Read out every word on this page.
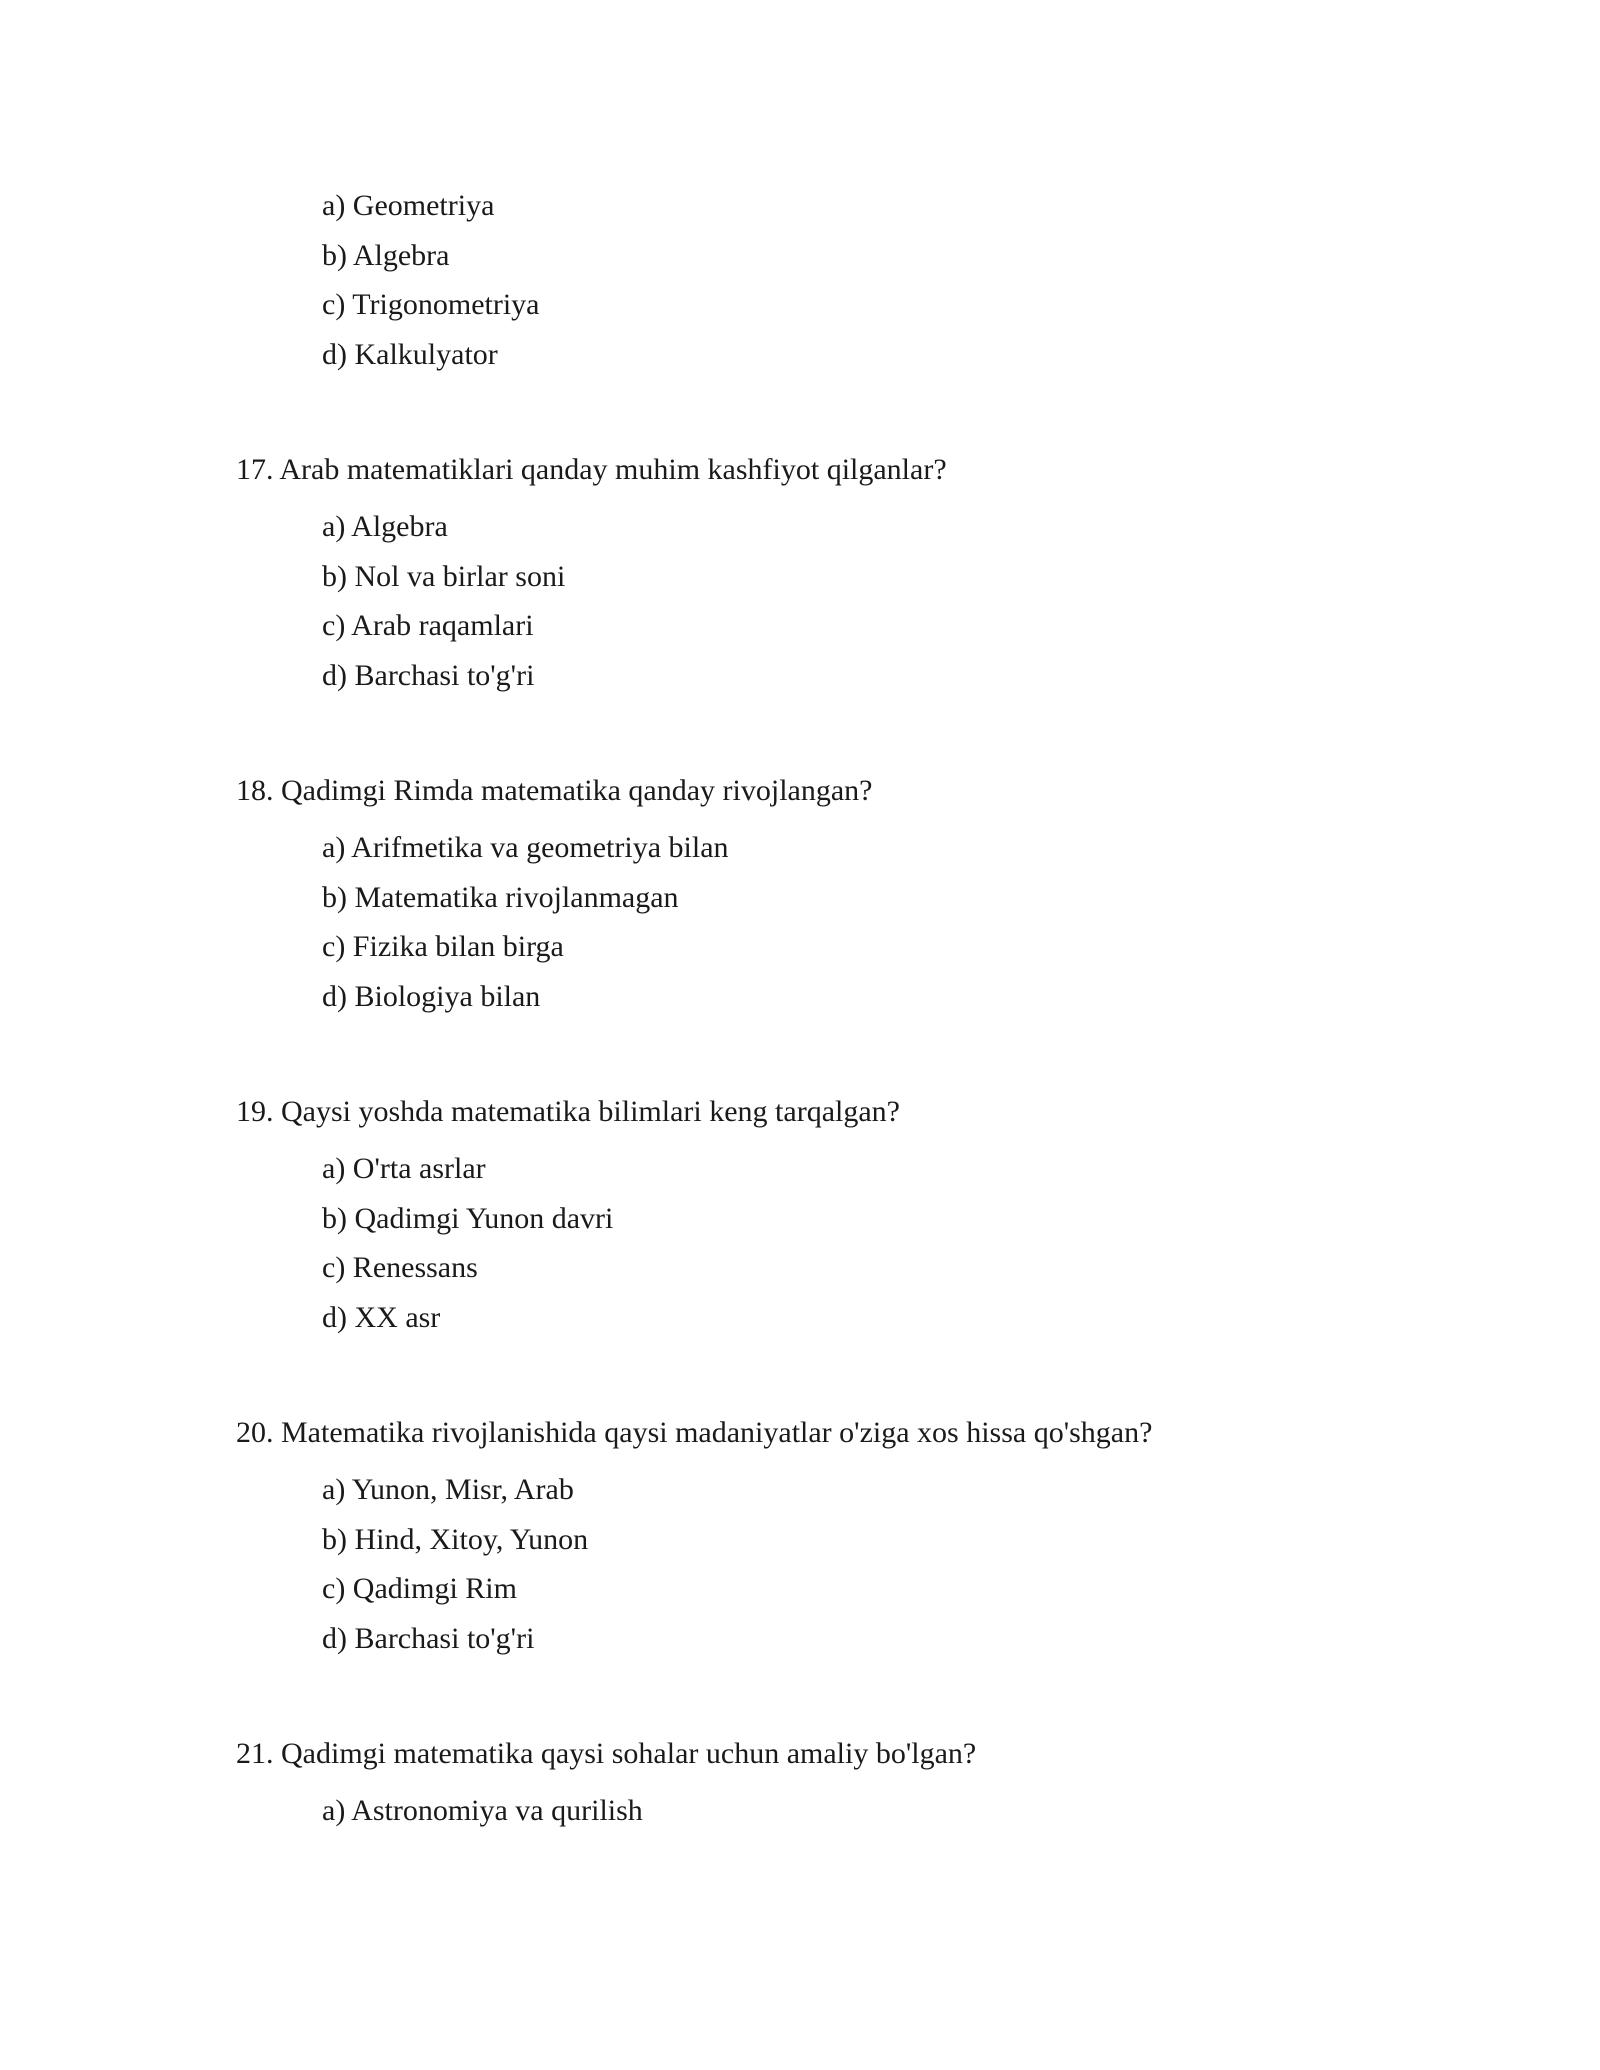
a) Geometriya
b) Algebra
c) Trigonometriya
d) Kalkulyator
17. Arab matematiklari qanday muhim kashfiyot qilganlar?
a) Algebra
b) Nol va birlar soni
c) Arab raqamlari
d) Barchasi to'g'ri
18. Qadimgi Rimda matematika qanday rivojlangan?
a) Arifmetika va geometriya bilan
b) Matematika rivojlanmagan
c) Fizika bilan birga
d) Biologiya bilan
19. Qaysi yoshda matematika bilimlari keng tarqalgan?
a) O'rta asrlar
b) Qadimgi Yunon davri
c) Renessans
d) XX asr
20. Matematika rivojlanishida qaysi madaniyatlar o'ziga xos hissa qo'shgan?
a) Yunon, Misr, Arab
b) Hind, Xitoy, Yunon
c) Qadimgi Rim
d) Barchasi to'g'ri
21. Qadimgi matematika qaysi sohalar uchun amaliy bo'lgan?
a) Astronomiya va qurilish
